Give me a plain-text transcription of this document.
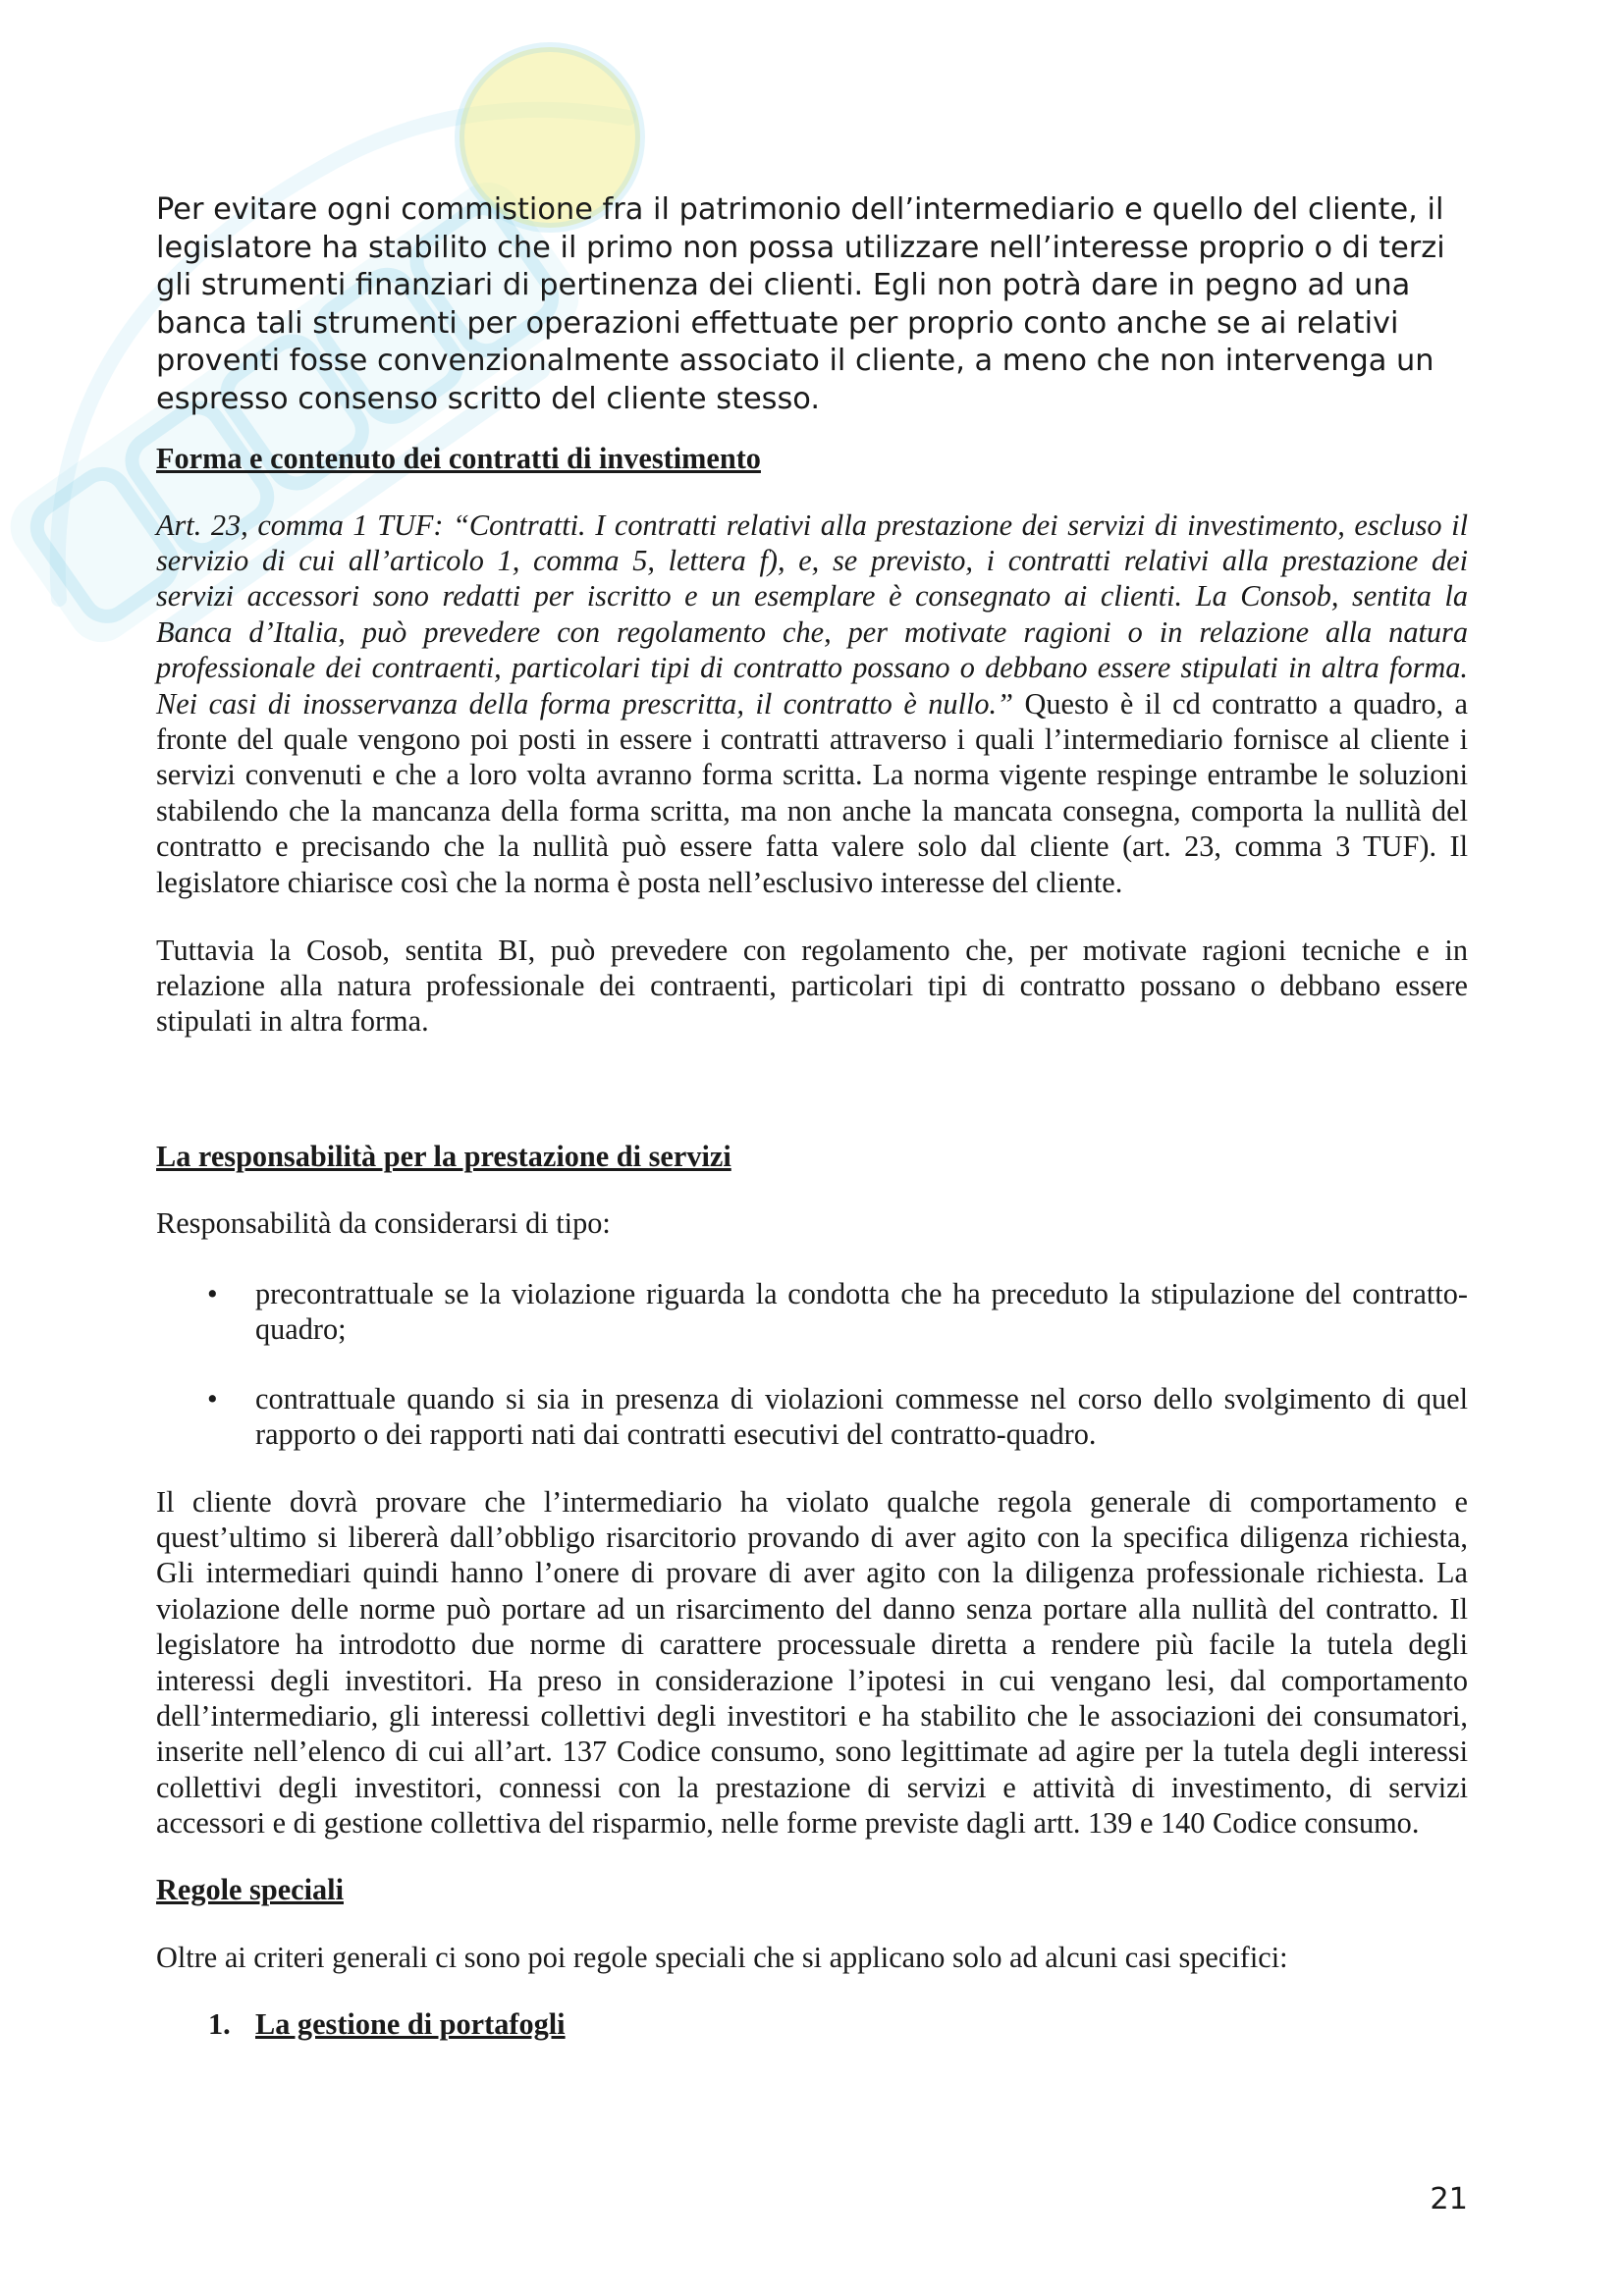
Per evitare ogni commistione fra il patrimonio dell’intermediario e quello del cliente, il
legislatore ha stabilito che il primo non possa utilizzare nell’interesse proprio o di terzi
gli strumenti finanziari di pertinenza dei clienti. Egli non potrà dare in pegno ad una
banca tali strumenti per operazioni effettuate per proprio conto anche se ai relativi
proventi fosse convenzionalmente associato il cliente, a meno che non intervenga un
espresso consenso scritto del cliente stesso.
Forma e contenuto dei contratti di investimento
Art. 23, comma 1 TUF: “Contratti. I contratti relativi alla prestazione dei servizi di investimento, escluso il
servizio di cui all’articolo 1, comma 5, lettera f), e, se previsto, i contratti relativi alla prestazione dei
servizi accessori sono redatti per iscritto e un esemplare è consegnato ai clienti. La Consob, sentita la
Banca d’Italia, può prevedere con regolamento che, per motivate ragioni o in relazione alla natura
professionale dei contraenti, particolari tipi di contratto possano o debbano essere stipulati in altra forma.
Nei casi di inosservanza della forma prescritta, il contratto è nullo.” Questo è il cd contratto a quadro, a
fronte del quale vengono poi posti in essere i contratti attraverso i quali l’intermediario fornisce al cliente i
servizi convenuti e che a loro volta avranno forma scritta. La norma vigente respinge entrambe le soluzioni
stabilendo che la mancanza della forma scritta, ma non anche la mancata consegna, comporta la nullità del
contratto e precisando che la nullità può essere fatta valere solo dal cliente (art. 23, comma 3 TUF). Il
legislatore chiarisce così che la norma è posta nell’esclusivo interesse del cliente.
Tuttavia la Cosob, sentita BI, può prevedere con regolamento che, per motivate ragioni tecniche e in
relazione alla natura professionale dei contraenti, particolari tipi di contratto possano o debbano essere
stipulati in altra forma.
La responsabilità per la prestazione di servizi
Responsabilità da considerarsi di tipo:
• precontrattuale se la violazione riguarda la condotta che ha preceduto la stipulazione del contratto-
quadro;
• contrattuale quando si sia in presenza di violazioni commesse nel corso dello svolgimento di quel
rapporto o dei rapporti nati dai contratti esecutivi del contratto-quadro.
Il cliente dovrà provare che l’intermediario ha violato qualche regola generale di comportamento e
quest’ultimo si libererà dall’obbligo risarcitorio provando di aver agito con la specifica diligenza richiesta,
Gli intermediari quindi hanno l’onere di provare di aver agito con la diligenza professionale richiesta. La
violazione delle norme può portare ad un risarcimento del danno senza portare alla nullità del contratto. Il
legislatore ha introdotto due norme di carattere processuale diretta a rendere più facile la tutela degli
interessi degli investitori. Ha preso in considerazione l’ipotesi in cui vengano lesi, dal comportamento
dell’intermediario, gli interessi collettivi degli investitori e ha stabilito che le associazioni dei consumatori,
inserite nell’elenco di cui all’art. 137 Codice consumo, sono legittimate ad agire per la tutela degli interessi
collettivi degli investitori, connessi con la prestazione di servizi e attività di investimento, di servizi
accessori e di gestione collettiva del risparmio, nelle forme previste dagli artt. 139 e 140 Codice consumo.
Regole speciali
Oltre ai criteri generali ci sono poi regole speciali che si applicano solo ad alcuni casi specifici:
1. La gestione di portafogli
21
